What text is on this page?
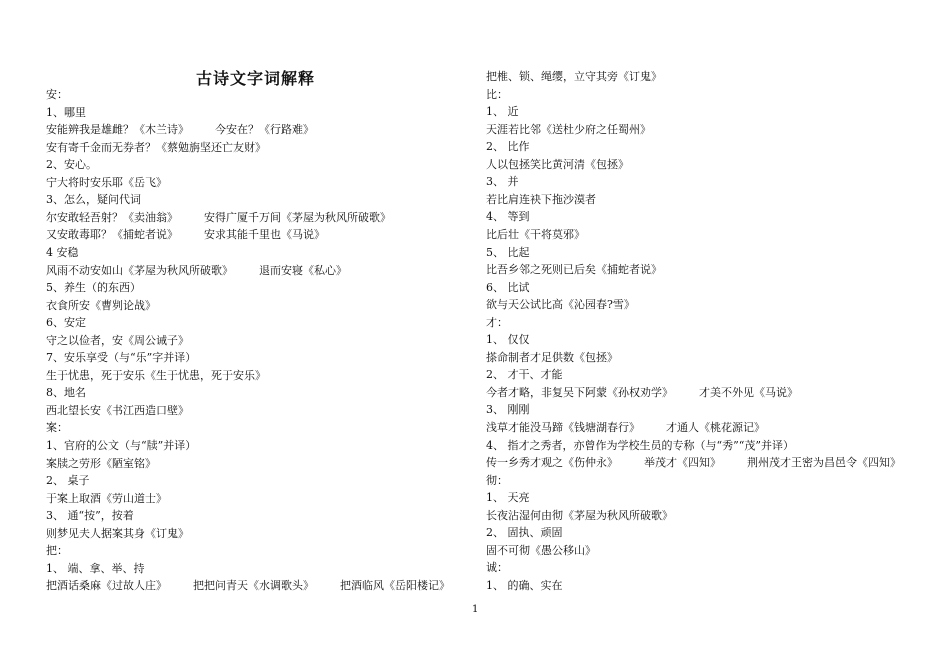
古诗文字词解释
安：
1、哪里
安能辨我是雄雌？《木兰诗》 今安在？《行路难》
安有寄千金而无券者？《蔡勉旃坚还亡友财》
2、安心。
宁大将时安乐耶《岳飞》
3、怎么，疑问代词
尔安敢轻吾射？《卖油翁》 安得广厦千万间《茅屋为秋风所破歌》
又安敢毒耶？《捕蛇者说》 安求其能千里也《马说》
4 安稳
风雨不动安如山《茅屋为秋风所破歌》 退而安寝《私心》
5、养生（的东西）
衣食所安《曹刿论战》
6、安定
守之以俭者，安《周公诫子》
7、安乐享受（与“乐”字并译）
生于忧患，死于安乐《生于忧患，死于安乐》
8、地名
西北望长安《书江西造口壁》
案：
1、官府的公文（与“牍”并译）
案牍之劳形《陋室铭》
2、 桌子
于案上取酒《劳山道士》
3、 通“按”，按着
则梦见夫人据案其身《订鬼》
把：
1、 端、拿、举、持
把酒话桑麻《过故人庄》 把把问青天《水调歌头》 把酒临风《岳阳楼记》
把椎、锁、绳缨，立守其旁《订鬼》
比：
1、 近
天涯若比邻《送杜少府之任蜀州》
2、 比作
人以包拯笑比黄河清《包拯》
3、 并
若比肩连袂下拖沙漠者
4、 等到
比后壮《干将莫邪》
5、 比起
比吾乡邻之死则已后矣《捕蛇者说》
6、 比试
欲与天公试比高《沁园春?雪》
才：
1、 仅仅
搽命制者才足供数《包拯》
2、 才干、才能
今者才略，非复吴下阿蒙《孙权劝学》 才美不外见《马说》
3、 刚刚
浅草才能没马蹄《钱塘湖春行》 才通人《桃花源记》
4、 指才之秀者，亦曾作为学校生员的专称（与“秀”“茂”并译）
传一乡秀才观之《伤仲永》 举茂才《四知》 荆州茂才王密为昌邑令《四知》
彻：
1、 天亮
长夜沾湿何由彻《茅屋为秋风所破歌》
2、 固执、顽固
固不可彻《愚公移山》
诚：
1、 的确、实在
1
